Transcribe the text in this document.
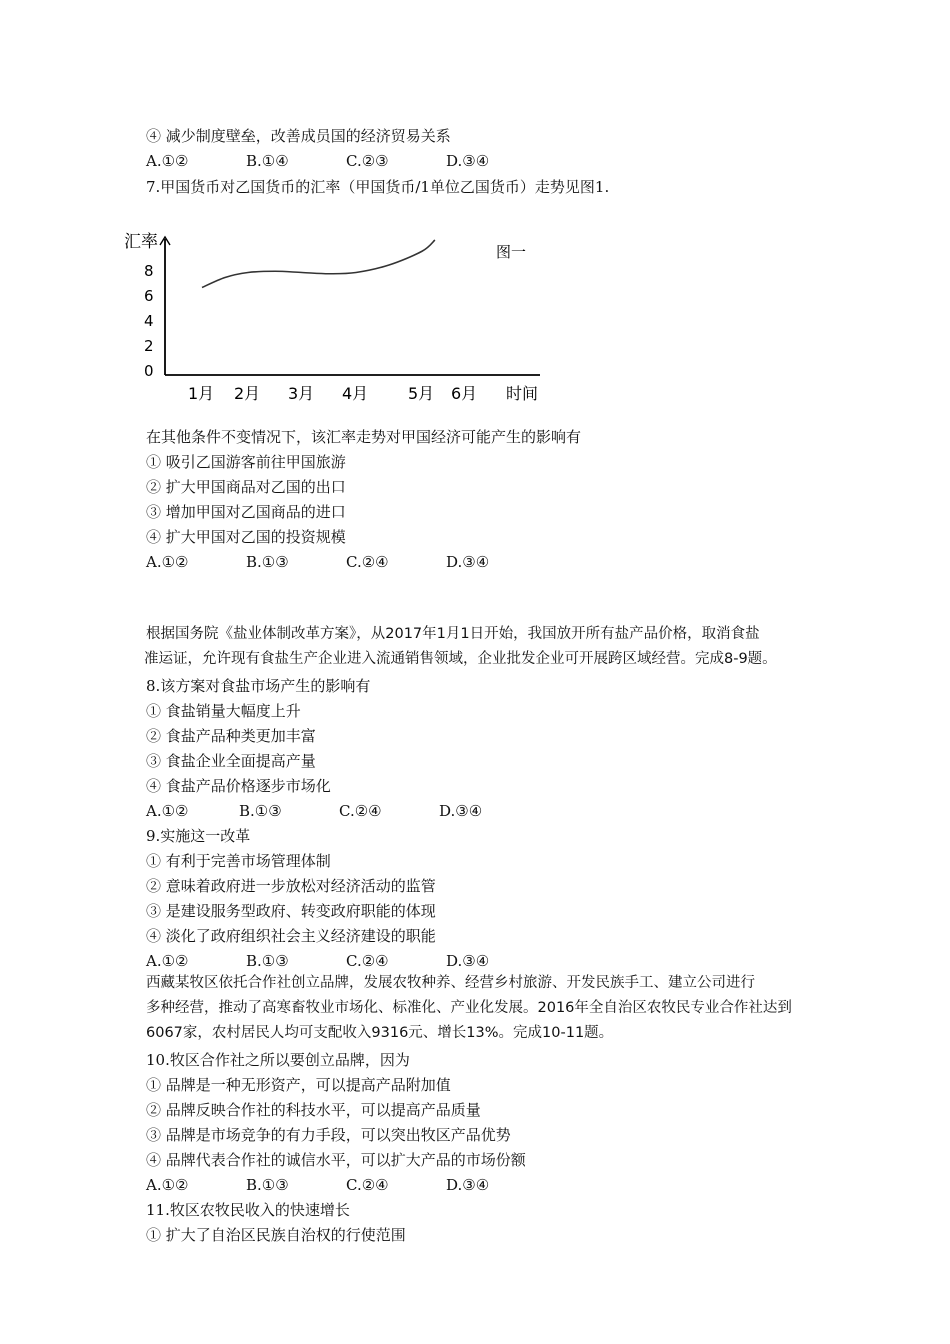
④ 减少制度壁垒，改善成员国的经济贸易关系
A.①②	B.①④	C.②③	D.③④
7.甲国货币对乙国货币的汇率（甲国货币/1单位乙国货币）走势见图1.
汇率	图一
时间
0
2
4
6
8
1月 2月 3月 4月 5月 6月
在其他条件不变情况下，该汇率走势对甲国经济可能产生的影响有
① 吸引乙国游客前往甲国旅游
② 扩大甲国商品对乙国的出口
③ 增加甲国对乙国商品的进口
④ 扩大甲国对乙国的投资规模
A.①②	B.①③	C.②④	D.③④
根据国务院《盐业体制改革方案》，从2017年1月1日开始，我国放开所有盐产品价格，取消食盐
准运证，允许现有食盐生产企业进入流通销售领域，企业批发企业可开展跨区域经营。完成8-9题。
8.该方案对食盐市场产生的影响有
① 食盐销量大幅度上升
② 食盐产品种类更加丰富
③ 食盐企业全面提高产量
④ 食盐产品价格逐步市场化
A.①②	B.①③	C.②④	D.③④
9.实施这一改革
① 有利于完善市场管理体制
② 意味着政府进一步放松对经济活动的监管
③ 是建设服务型政府、转变政府职能的体现
④ 淡化了政府组织社会主义经济建设的职能
A.①②	B.①③	C.②④	D.③④
西藏某牧区依托合作社创立品牌，发展农牧种养、经营乡村旅游、开发民族手工、建立公司进行
多种经营，推动了高寒畜牧业市场化、标准化、产业化发展。2016年全自治区农牧民专业合作社达到
6067家，农村居民人均可支配收入9316元、增长13%。完成10-11题。
10.牧区合作社之所以要创立品牌，因为
① 品牌是一种无形资产，可以提高产品附加值
② 品牌反映合作社的科技水平，可以提高产品质量
③ 品牌是市场竞争的有力手段，可以突出牧区产品优势
④ 品牌代表合作社的诚信水平，可以扩大产品的市场份额
A.①②	B.①③	C.②④	D.③④
11.牧区农牧民收入的快速增长
① 扩大了自治区民族自治权的行使范围
